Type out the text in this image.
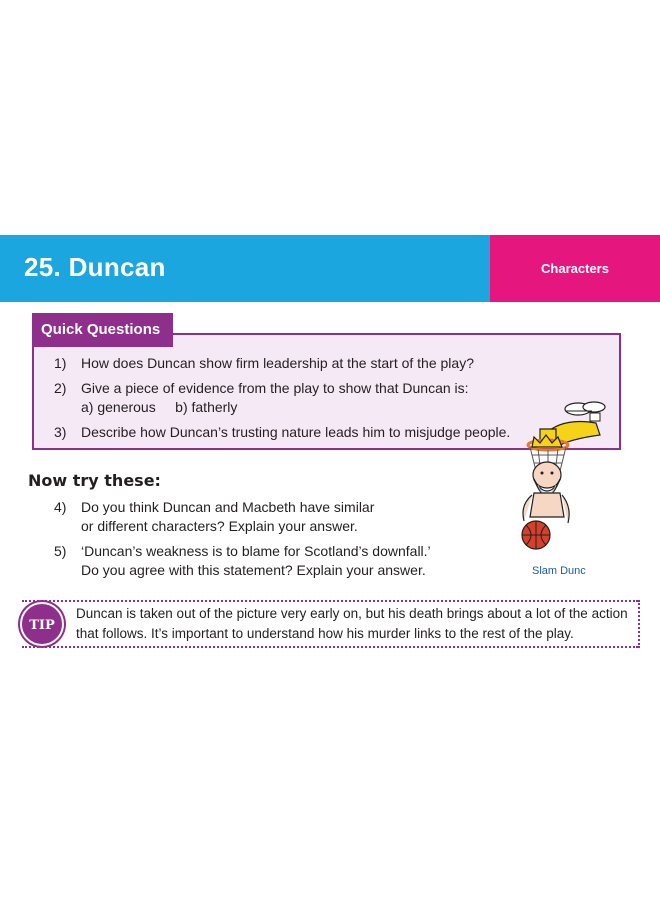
25. Duncan	Characters
Quick Questions
1) How does Duncan show firm leadership at the start of the play?
2) Give a piece of evidence from the play to show that Duncan is:
a) generous     b) fatherly
3) Describe how Duncan’s trusting nature leads him to misjudge people.
Now try these:
4) Do you think Duncan and Macbeth have similar
or different characters? Explain your answer.
5) ‘Duncan’s weakness is to blame for Scotland’s downfall.’
Do you agree with this statement? Explain your answer.	Slam Dunc
TIP
Duncan is taken out of the picture very early on, but his death brings about a lot of the action that follows. It’s important to understand how his murder links to the rest of the play.
